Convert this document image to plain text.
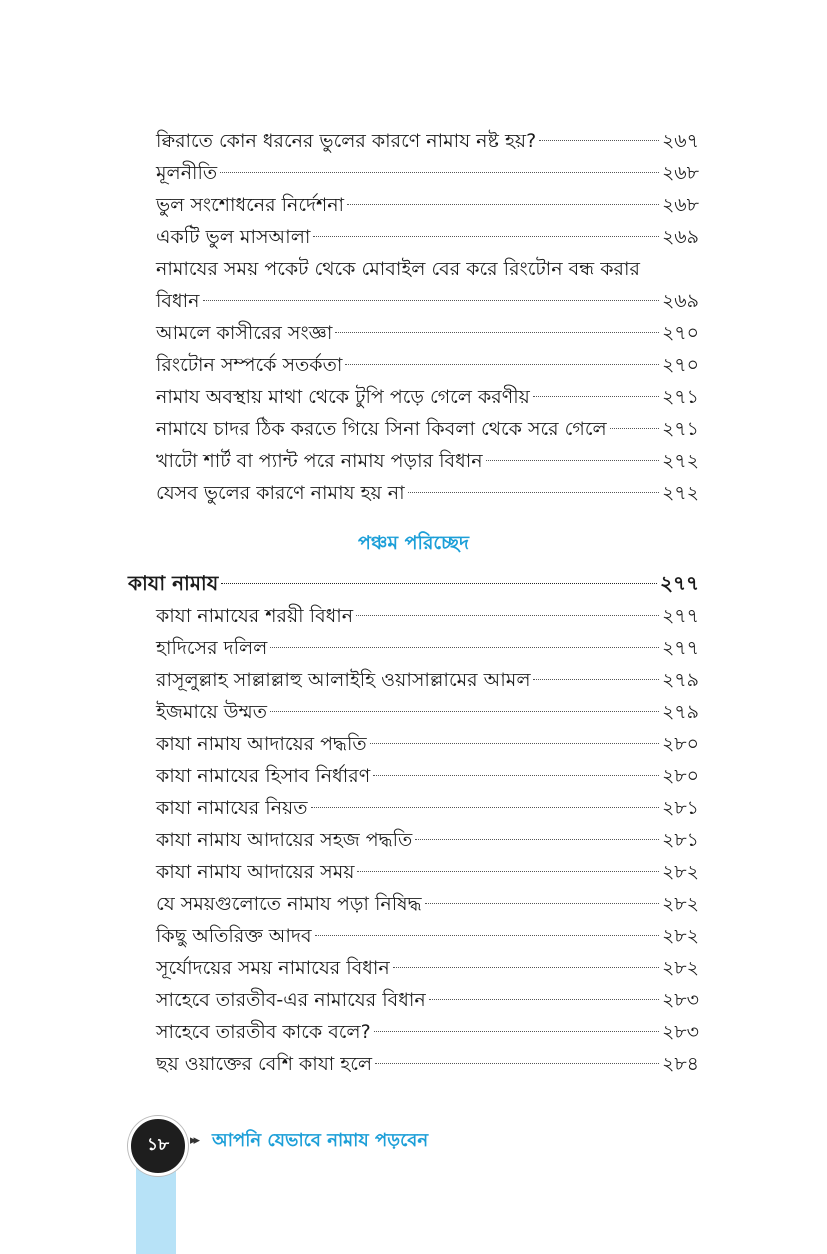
ক্বিরাতে কোন ধরনের ভুলের কারণে নামায নষ্ট হয়?	২৬৭
মূলনীতি	২৬৮
ভুল সংশোধনের নির্দেশনা	২৬৮
একটি ভুল মাসআলা	২৬৯
নামাযের সময় পকেট থেকে মোবাইল বের করে রিংটোন বন্ধ করার
বিধান	২৬৯
আমলে কাসীরের সংজ্ঞা	২৭০
রিংটোন সম্পর্কে সতর্কতা	২৭০
নামায অবস্থায় মাথা থেকে টুপি পড়ে গেলে করণীয়	২৭১
নামাযে চাদর ঠিক করতে গিয়ে সিনা কিবলা থেকে সরে গেলে	২৭১
খাটো শার্ট বা প্যান্ট পরে নামায পড়ার বিধান	২৭২
যেসব ভুলের কারণে নামায হয় না	২৭২
পঞ্চম পরিচ্ছেদ
কাযা নামায	২৭৭
কাযা নামাযের শরয়ী বিধান	২৭৭
হাদিসের দলিল	২৭৭
রাসূলুল্লাহ সাল্লাল্লাহু আলাইহি ওয়াসাল্লামের আমল	২৭৯
ইজমায়ে উম্মত	২৭৯
কাযা নামায আদায়ের পদ্ধতি	২৮০
কাযা নামাযের হিসাব নির্ধারণ	২৮০
কাযা নামাযের নিয়ত	২৮১
কাযা নামায আদায়ের সহজ পদ্ধতি	২৮১
কাযা নামায আদায়ের সময়	২৮২
যে সময়গুলোতে নামায পড়া নিষিদ্ধ	২৮২
কিছু অতিরিক্ত আদব	২৮২
সূর্যোদয়ের সময় নামাযের বিধান	২৮২
সাহেবে তারতীব-এর নামাযের বিধান	২৮৩
সাহেবে তারতীব কাকে বলে?	২৮৩
ছয় ওয়াক্তের বেশি কাযা হলে	২৮৪
১৮ ▸▸ আপনি যেভাবে নামায পড়বেন
